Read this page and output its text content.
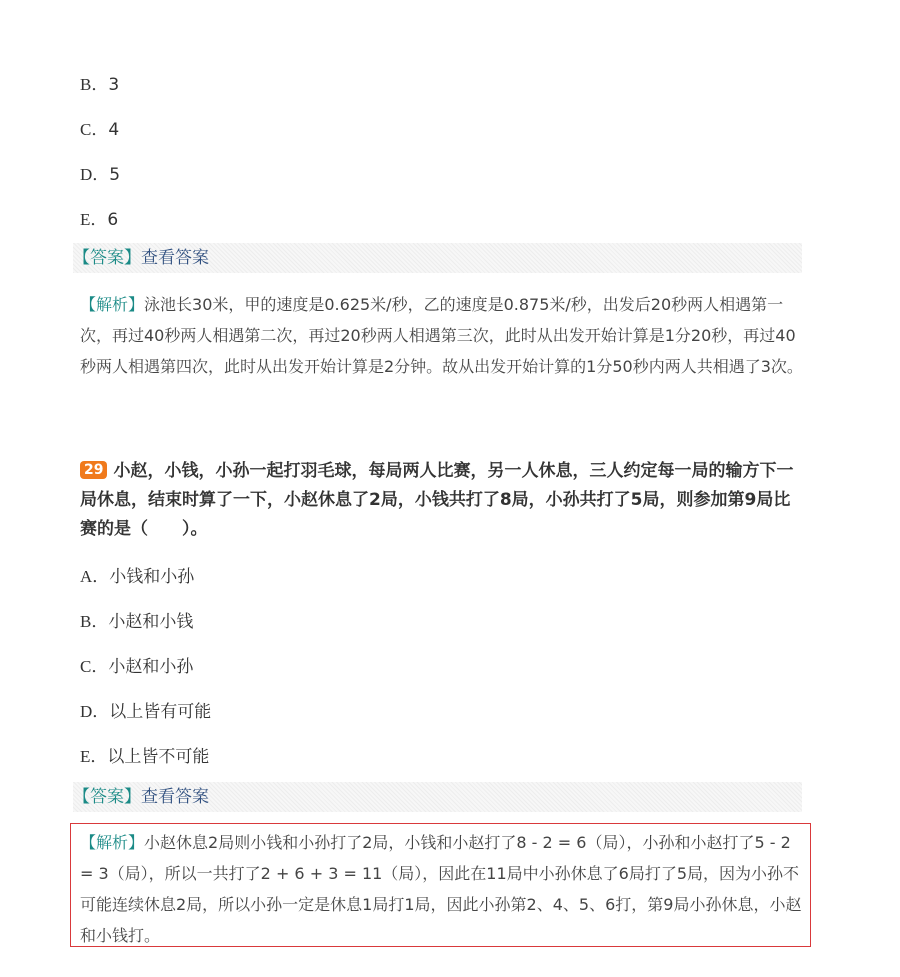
B．3
C．4
D．5
E．6
【答案】查看答案
【解析】泳池长30米，甲的速度是0.625米/秒，乙的速度是0.875米/秒，出发后20秒两人相遇第一次，再过40秒两人相遇第二次，再过20秒两人相遇第三次，此时从出发开始计算是1分20秒，再过40秒两人相遇第四次，此时从出发开始计算是2分钟。故从出发开始计算的1分50秒内两人共相遇了3次。
29 小赵，小钱，小孙一起打羽毛球，每局两人比赛，另一人休息，三人约定每一局的输方下一局休息，结束时算了一下，小赵休息了2局，小钱共打了8局，小孙共打了5局，则参加第9局比赛的是（　　）。
A．小钱和小孙
B．小赵和小钱
C．小赵和小孙
D．以上皆有可能
E．以上皆不可能
【答案】查看答案
【解析】小赵休息2局则小钱和小孙打了2局，小钱和小赵打了8 - 2 = 6（局），小孙和小赵打了5 - 2 = 3（局），所以一共打了2 + 6 + 3 = 11（局），因此在11局中小孙休息了6局打了5局，因为小孙不可能连续休息2局，所以小孙一定是休息1局打1局，因此小孙第2、4、5、6打，第9局小孙休息，小赵和小钱打。
